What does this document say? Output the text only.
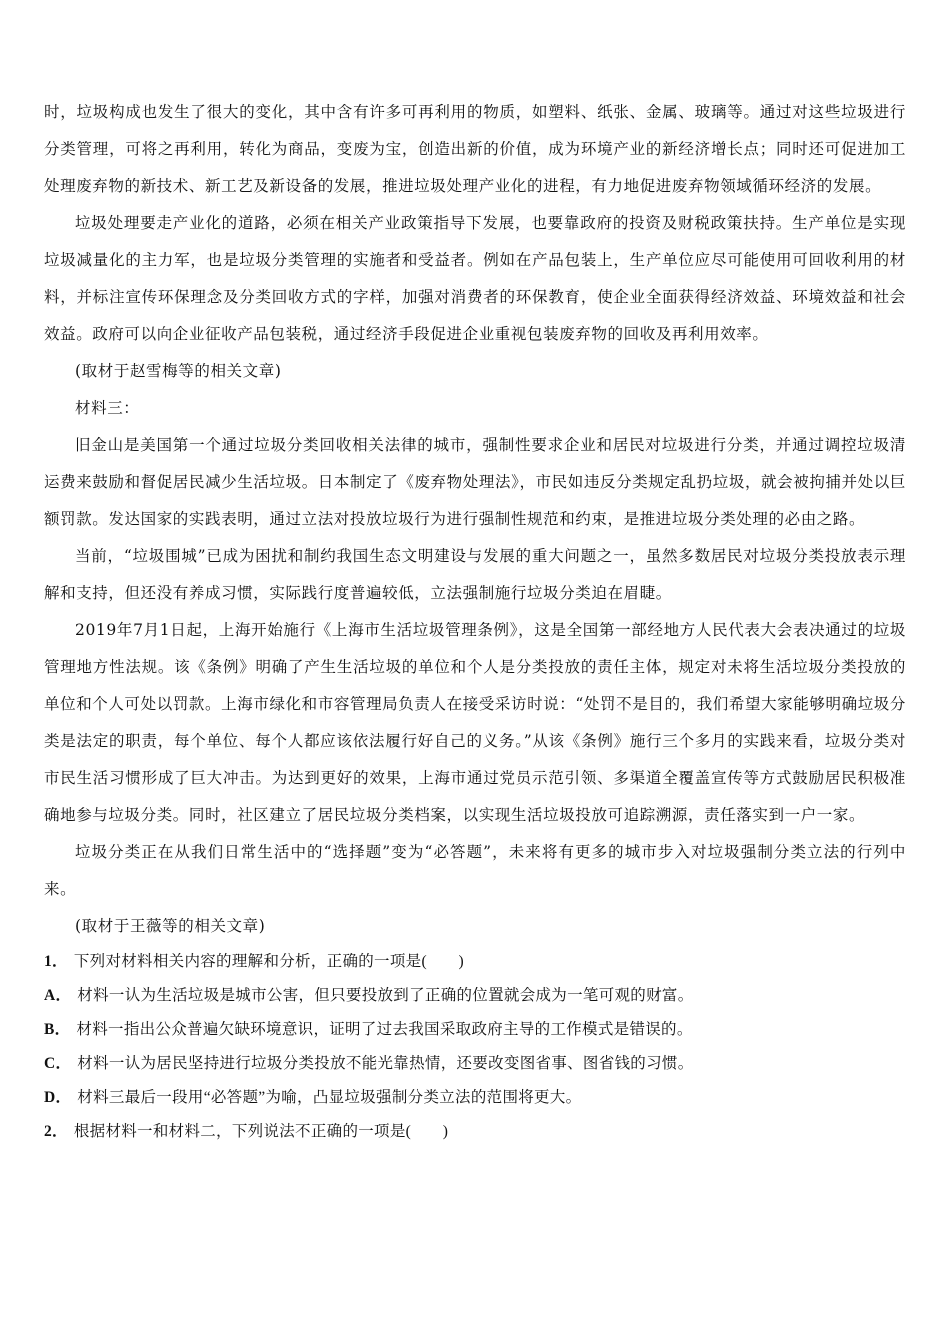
时，垃圾构成也发生了很大的变化，其中含有许多可再利用的物质，如塑料、纸张、金属、玻璃等。通过对这些垃圾进行分类管理，可将之再利用，转化为商品，变废为宝，创造出新的价值，成为环境产业的新经济增长点；同时还可促进加工处理废弃物的新技术、新工艺及新设备的发展，推进垃圾处理产业化的进程，有力地促进废弃物领域循环经济的发展。

垃圾处理要走产业化的道路，必须在相关产业政策指导下发展，也要靠政府的投资及财税政策扶持。生产单位是实现垃圾减量化的主力军，也是垃圾分类管理的实施者和受益者。例如在产品包装上，生产单位应尽可能使用可回收利用的材料，并标注宣传环保理念及分类回收方式的字样，加强对消费者的环保教育，使企业全面获得经济效益、环境效益和社会效益。政府可以向企业征收产品包装税，通过经济手段促进企业重视包装废弃物的回收及再利用效率。

(取材于赵雪梅等的相关文章)

材料三：

旧金山是美国第一个通过垃圾分类回收相关法律的城市，强制性要求企业和居民对垃圾进行分类，并通过调控垃圾清运费来鼓励和督促居民减少生活垃圾。日本制定了《废弃物处理法》，市民如违反分类规定乱扔垃圾，就会被拘捕并处以巨额罚款。发达国家的实践表明，通过立法对投放垃圾行为进行强制性规范和约束，是推进垃圾分类处理的必由之路。

当前，“垃圾围城”已成为困扰和制约我国生态文明建设与发展的重大问题之一，虽然多数居民对垃圾分类投放表示理解和支持，但还没有养成习惯，实际践行度普遍较低，立法强制施行垃圾分类迫在眉睫。

2019年7月1日起，上海开始施行《上海市生活垃圾管理条例》，这是全国第一部经地方人民代表大会表决通过的垃圾管理地方性法规。该《条例》明确了产生生活垃圾的单位和个人是分类投放的责任主体，规定对未将生活垃圾分类投放的单位和个人可处以罚款。上海市绿化和市容管理局负责人在接受采访时说：“处罚不是目的，我们希望大家能够明确垃圾分类是法定的职责，每个单位、每个人都应该依法履行好自己的义务。”从该《条例》施行三个多月的实践来看，垃圾分类对市民生活习惯形成了巨大冲击。为达到更好的效果，上海市通过党员示范引领、多渠道全覆盖宣传等方式鼓励居民积极准确地参与垃圾分类。同时，社区建立了居民垃圾分类档案，以实现生活垃圾投放可追踪溯源，责任落实到一户一家。

垃圾分类正在从我们日常生活中的“选择题”变为“必答题”，未来将有更多的城市步入对垃圾强制分类立法的行列中来。

(取材于王薇等的相关文章)

1． 下列对材料相关内容的理解和分析，正确的一项是(　　)

A． 材料一认为生活垃圾是城市公害，但只要投放到了正确的位置就会成为一笔可观的财富。

B． 材料一指出公众普遍欠缺环境意识，证明了过去我国采取政府主导的工作模式是错误的。

C． 材料一认为居民坚持进行垃圾分类投放不能光靠热情，还要改变图省事、图省钱的习惯。

D． 材料三最后一段用“必答题”为喻，凸显垃圾强制分类立法的范围将更大。

2． 根据材料一和材料二，下列说法不正确的一项是(　　)
